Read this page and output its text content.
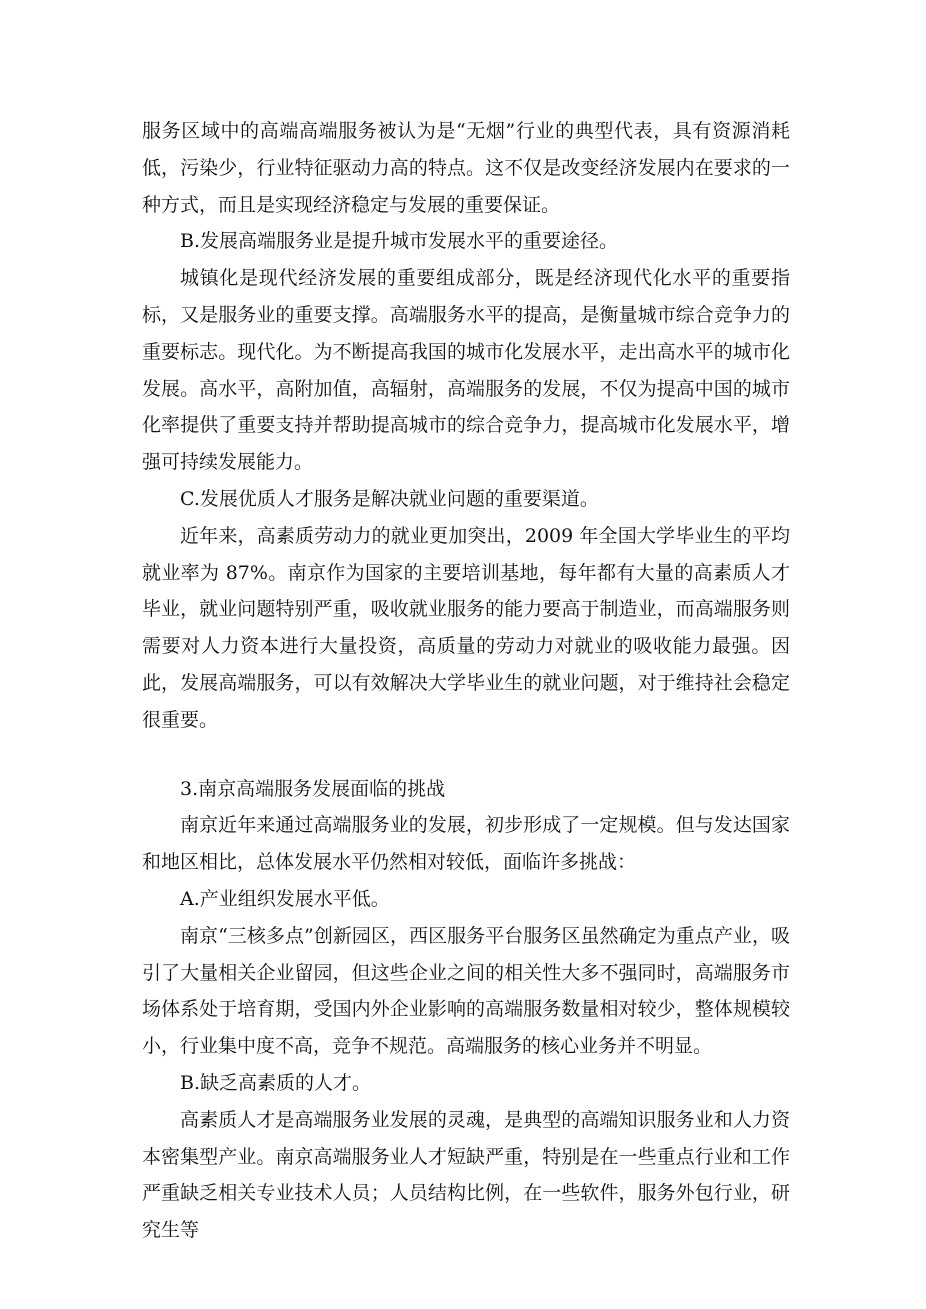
服务区域中的高端高端服务被认为是“无烟”行业的典型代表，具有资源消耗低，污染少，行业特征驱动力高的特点。这不仅是改变经济发展内在要求的一种方式，而且是实现经济稳定与发展的重要保证。

B.发展高端服务业是提升城市发展水平的重要途径。

城镇化是现代经济发展的重要组成部分，既是经济现代化水平的重要指标，又是服务业的重要支撑。高端服务水平的提高，是衡量城市综合竞争力的重要标志。现代化。为不断提高我国的城市化发展水平，走出高水平的城市化发展。高水平，高附加值，高辐射，高端服务的发展，不仅为提高中国的城市化率提供了重要支持并帮助提高城市的综合竞争力，提高城市化发展水平，增强可持续发展能力。

C.发展优质人才服务是解决就业问题的重要渠道。

近年来，高素质劳动力的就业更加突出，2009 年全国大学毕业生的平均就业率为 87%。南京作为国家的主要培训基地，每年都有大量的高素质人才毕业，就业问题特别严重，吸收就业服务的能力要高于制造业，而高端服务则需要对人力资本进行大量投资，高质量的劳动力对就业的吸收能力最强。因此，发展高端服务，可以有效解决大学毕业生的就业问题，对于维持社会稳定很重要。

3.南京高端服务发展面临的挑战

南京近年来通过高端服务业的发展，初步形成了一定规模。但与发达国家和地区相比，总体发展水平仍然相对较低，面临许多挑战：

A.产业组织发展水平低。

南京“三核多点”创新园区，西区服务平台服务区虽然确定为重点产业，吸引了大量相关企业留园，但这些企业之间的相关性大多不强同时，高端服务市场体系处于培育期，受国内外企业影响的高端服务数量相对较少，整体规模较小，行业集中度不高，竞争不规范。高端服务的核心业务并不明显。

B.缺乏高素质的人才。

高素质人才是高端服务业发展的灵魂，是典型的高端知识服务业和人力资本密集型产业。南京高端服务业人才短缺严重，特别是在一些重点行业和工作严重缺乏相关专业技术人员；人员结构比例，在一些软件，服务外包行业，研究生等
